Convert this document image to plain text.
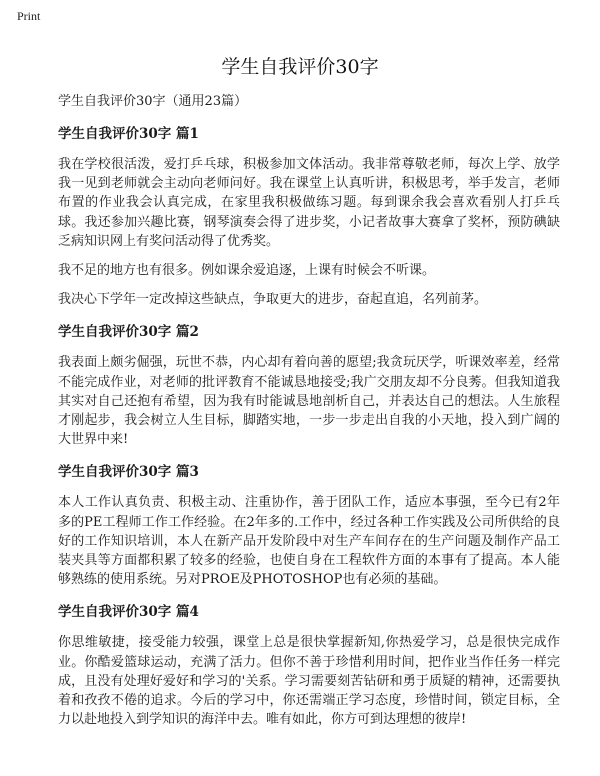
Print
学生自我评价30字

学生自我评价30字（通用23篇）

学生自我评价30字 篇1

我在学校很活泼，爱打乒乓球，积极参加文体活动。我非常尊敬老师，每次上学、放学我一见到老师就会主动向老师问好。我在课堂上认真听讲，积极思考，举手发言，老师布置的作业我会认真完成，在家里我积极做练习题。每到课余我会喜欢看别人打乒乓球。我还参加兴趣比赛，钢琴演奏会得了进步奖，小记者故事大赛拿了奖杯，预防碘缺乏病知识网上有奖问活动得了优秀奖。

我不足的地方也有很多。例如课余爱追逐，上课有时候会不听课。

我决心下学年一定改掉这些缺点，争取更大的进步，奋起直追，名列前茅。

学生自我评价30字 篇2

我表面上颇劣倔强，玩世不恭，内心却有着向善的愿望;我贪玩厌学，听课效率差，经常不能完成作业，对老师的批评教育不能诚恳地接受;我广交朋友却不分良莠。但我知道我其实对自己还抱有希望，因为我有时能诚恳地剖析自己，并表达自己的想法。人生旅程才刚起步，我会树立人生目标，脚踏实地，一步一步走出自我的小天地，投入到广阔的大世界中来!

学生自我评价30字 篇3

本人工作认真负责、积极主动、注重协作，善于团队工作，适应本事强，至今已有2年多的PE工程师工作工作经验。在2年多的.工作中，经过各种工作实践及公司所供给的良好的工作知识培训，本人在新产品开发阶段中对生产车间存在的生产问题及制作产品工装夹具等方面都积累了较多的经验，也使自身在工程软件方面的本事有了提高。本人能够熟练的使用系统。另对PROE及PHOTOSHOP也有必须的基础。

学生自我评价30字 篇4

你思维敏捷，接受能力较强，课堂上总是很快掌握新知,你热爱学习，总是很快完成作业。你酷爱篮球运动，充满了活力。但你不善于珍惜利用时间，把作业当作任务一样完成，且没有处理好爱好和学习的'关系。学习需要刻苦钻研和勇于质疑的精神，还需要执着和孜孜不倦的追求。今后的学习中，你还需端正学习态度，珍惜时间，锁定目标，全力以赴地投入到学知识的海洋中去。唯有如此，你方可到达理想的彼岸!
